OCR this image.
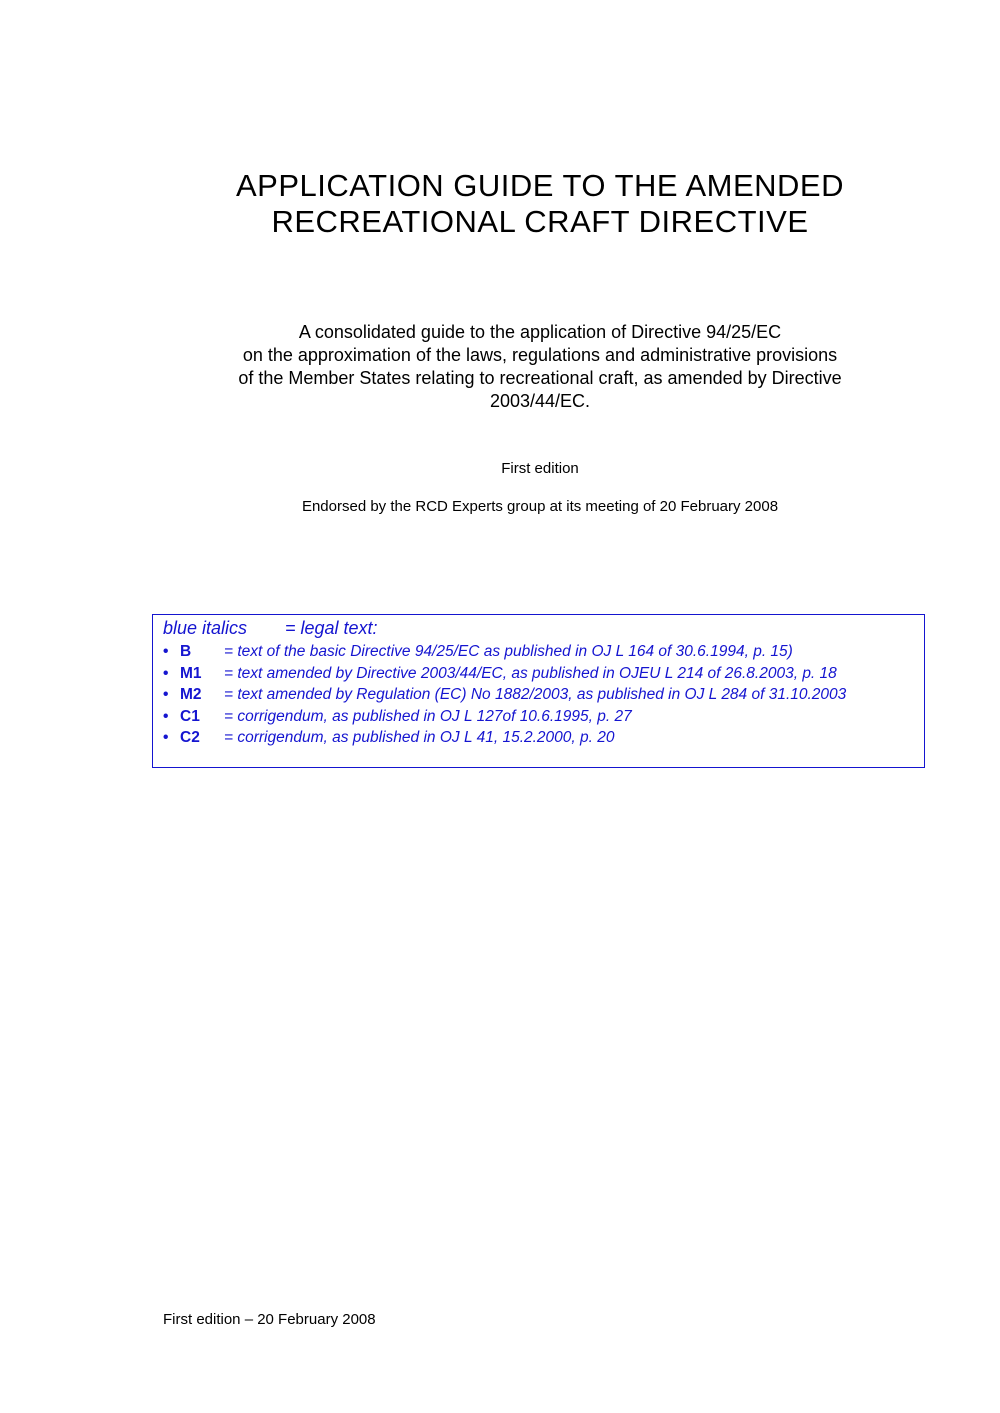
APPLICATION GUIDE TO THE AMENDED
RECREATIONAL CRAFT DIRECTIVE

A consolidated guide to the application of Directive 94/25/EC
on the approximation of the laws, regulations and administrative provisions
of the Member States relating to recreational craft, as amended by Directive
2003/44/EC.

First edition

Endorsed by the RCD Experts group at its meeting of 20 February 2008

blue italics = legal text:
• B	= text of the basic Directive 94/25/EC as published in OJ L 164 of 30.6.1994, p. 15)
• M1	= text amended by Directive 2003/44/EC, as published in OJEU L 214 of 26.8.2003, p. 18
• M2	= text amended by Regulation (EC) No 1882/2003, as published in OJ L 284 of 31.10.2003
• C1	= corrigendum, as published in OJ L 127of 10.6.1995, p. 27
• C2	= corrigendum, as published in OJ L 41, 15.2.2000, p. 20

First edition – 20 February 2008
